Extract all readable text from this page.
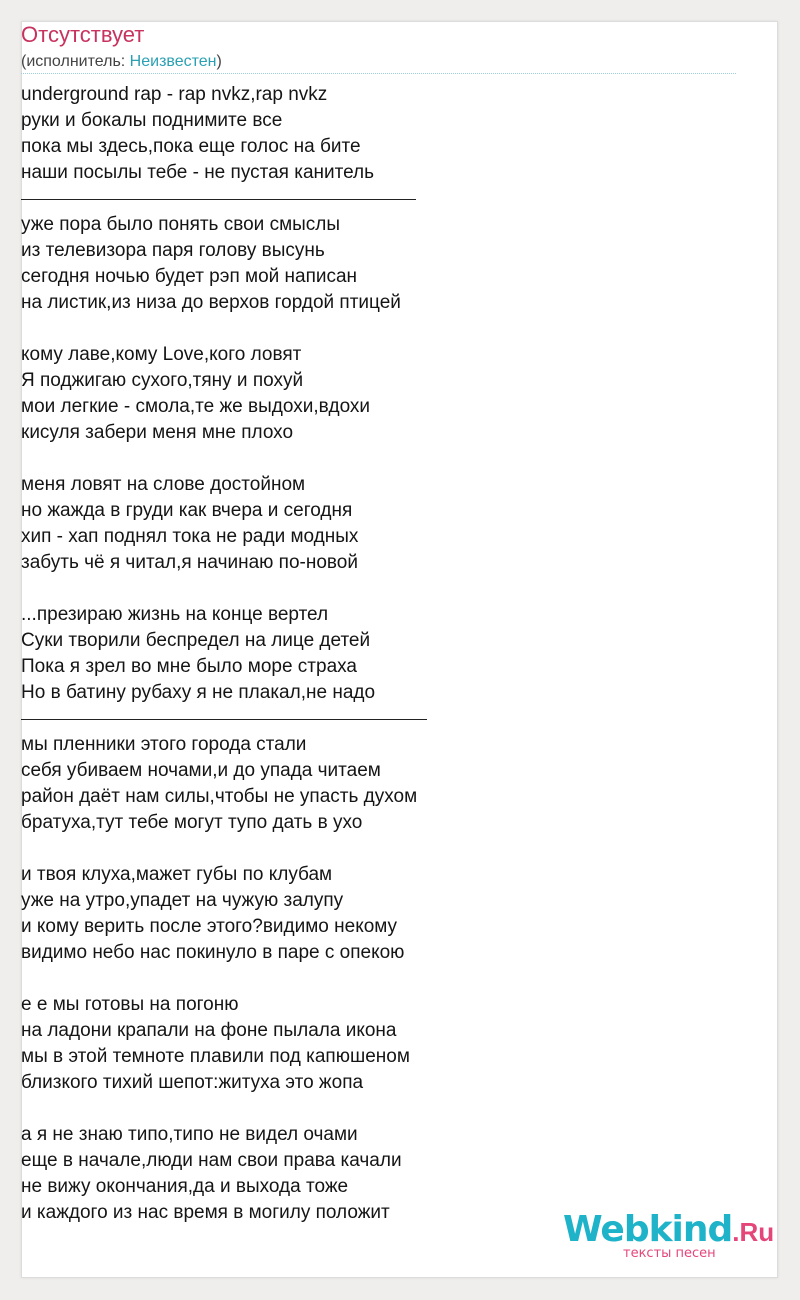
Отсутствует
(исполнитель: Неизвестен)
underground rap - rap nvkz,rap nvkz
руки и бокалы поднимите все
пока мы здесь,пока еще голос на бите
наши посылы тебе - не пустая канитель
уже пора было понять свои смыслы
из телевизора паря голову высунь
сегодня ночью будет рэп мой написан
на листик,из низа до верхов гордой птицей
кому лаве,кому Love,кого ловят
Я поджигаю сухого,тяну и похуй
мои легкие - смола,те же выдохи,вдохи
кисуля забери меня мне плохо
меня ловят на слове достойном
но жажда в груди как вчера и сегодня
хип - хап поднял тока не ради модных
забуть чё я читал,я начинаю по-новой
...презираю жизнь на конце вертел
Суки творили беспредел на лице детей
Пока я зрел во мне было море страха
Но в батину рубаху я не плакал,не надо
мы пленники этого города стали
себя убиваем ночами,и до упада читаем
район даёт нам силы,чтобы не упасть духом
братуха,тут тебе могут тупо дать в ухо
и твоя клуха,мажет губы по клубам
уже на утро,упадет на чужую залупу
и кому верить после этого?видимо некому
видимо небо нас покинуло в паре с опекою
е е мы готовы на погоню
на ладони крапали на фоне пылала икона
мы в этой темноте плавили под капюшеном
близкого тихий шепот:житуха это жопа
а я не знаю типо,типо не видел очами
еще в начале,люди нам свои права качали
не вижу окончания,да и выхода тоже
и каждого из нас время в могилу положит	Webkind.Ru
тексты песен
